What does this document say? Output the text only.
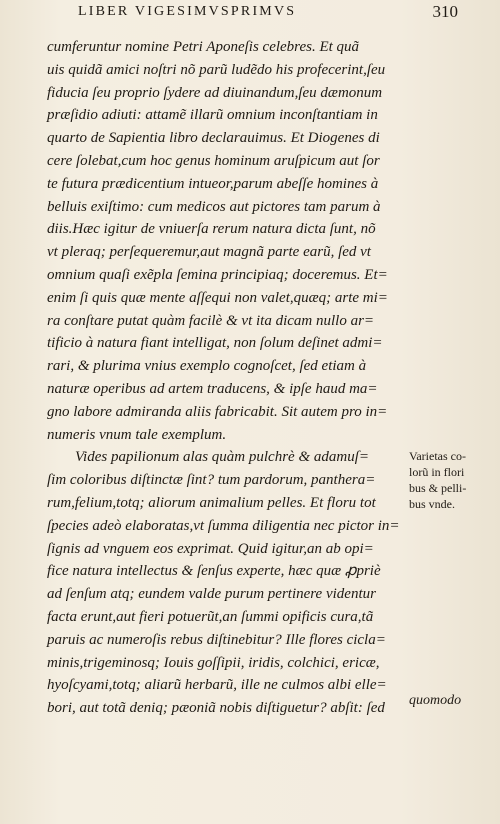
LIBER VIGESIMVSPRIMVS	310
cumferuntur nomine Petri Aponeſis celebres. Et quã
uis quidã amici noſtri nõ parũ ludẽdo his profecerint,ſeu
fiducia ſeu proprio ſydere ad diuinandum,ſeu dæmonum
præſidio adiuti: attamẽ illarũ omnium inconſtantiam in
quarto de Sapientia libro declarauimus. Et Diogenes di
cere ſolebat,cum hoc genus hominum aruſpicum aut ſor
te futura prædicentium intueor,parum abeſſe homines à
belluis exiſtimo: cum medicos aut pictores tam parum à
diis.Hæc igitur de vniuerſa rerum natura dicta ſunt, nõ
vt pleraq; perſequeremur,aut magnã parte earũ, ſed vt
omnium quaſi exẽpla ſemina principiaq; doceremus. Et=
enim ſi quis quæ mente aſſequi non valet,quæq; arte mi=
ra conſtare putat quàm facilè & vt ita dicam nullo ar=
tificio à natura fiant intelligat, non ſolum deſinet admi=
rari, & plurima vnius exemplo cognoſcet, ſed etiam à
naturæ operibus ad artem traducens, & ipſe haud ma=
gno labore admiranda aliis fabricabit. Sit autem pro in=
numeris vnum tale exemplum.
Vides papilionum alas quàm pulchrè & adamuſ=
ſim coloribus diſtinctæ ſint? tum pardorum, panthera=
rum,felium,totq; aliorum animalium pelles. Et floru tot
ſpecies adeò elaboratas,vt ſumma diligentia nec pictor in=
ſignis ad vnguem eos exprimat. Quid igitur,an ab opi=
fice natura intellectus & ſenſus experte, hæc quæ ꝓpriè
ad ſenſum atq; eundem valde purum pertinere videntur
facta erunt,aut fieri potuerũt,an ſummi opificis cura,tã
paruis ac numeroſis rebus diſtinebitur? Ille flores cicla=
minis,trigeminosq; Iouis goſſipii, iridis, colchici, ericæ,
hyoſcyami,totq; aliarũ herbarũ, ille ne culmos albi elle=
bori, aut totã deniq; pæoniã nobis diſtiguetur? abſit: ſed
Varietas co-
lorũ in flori
bus & pelli-
bus vnde.
quomodo
